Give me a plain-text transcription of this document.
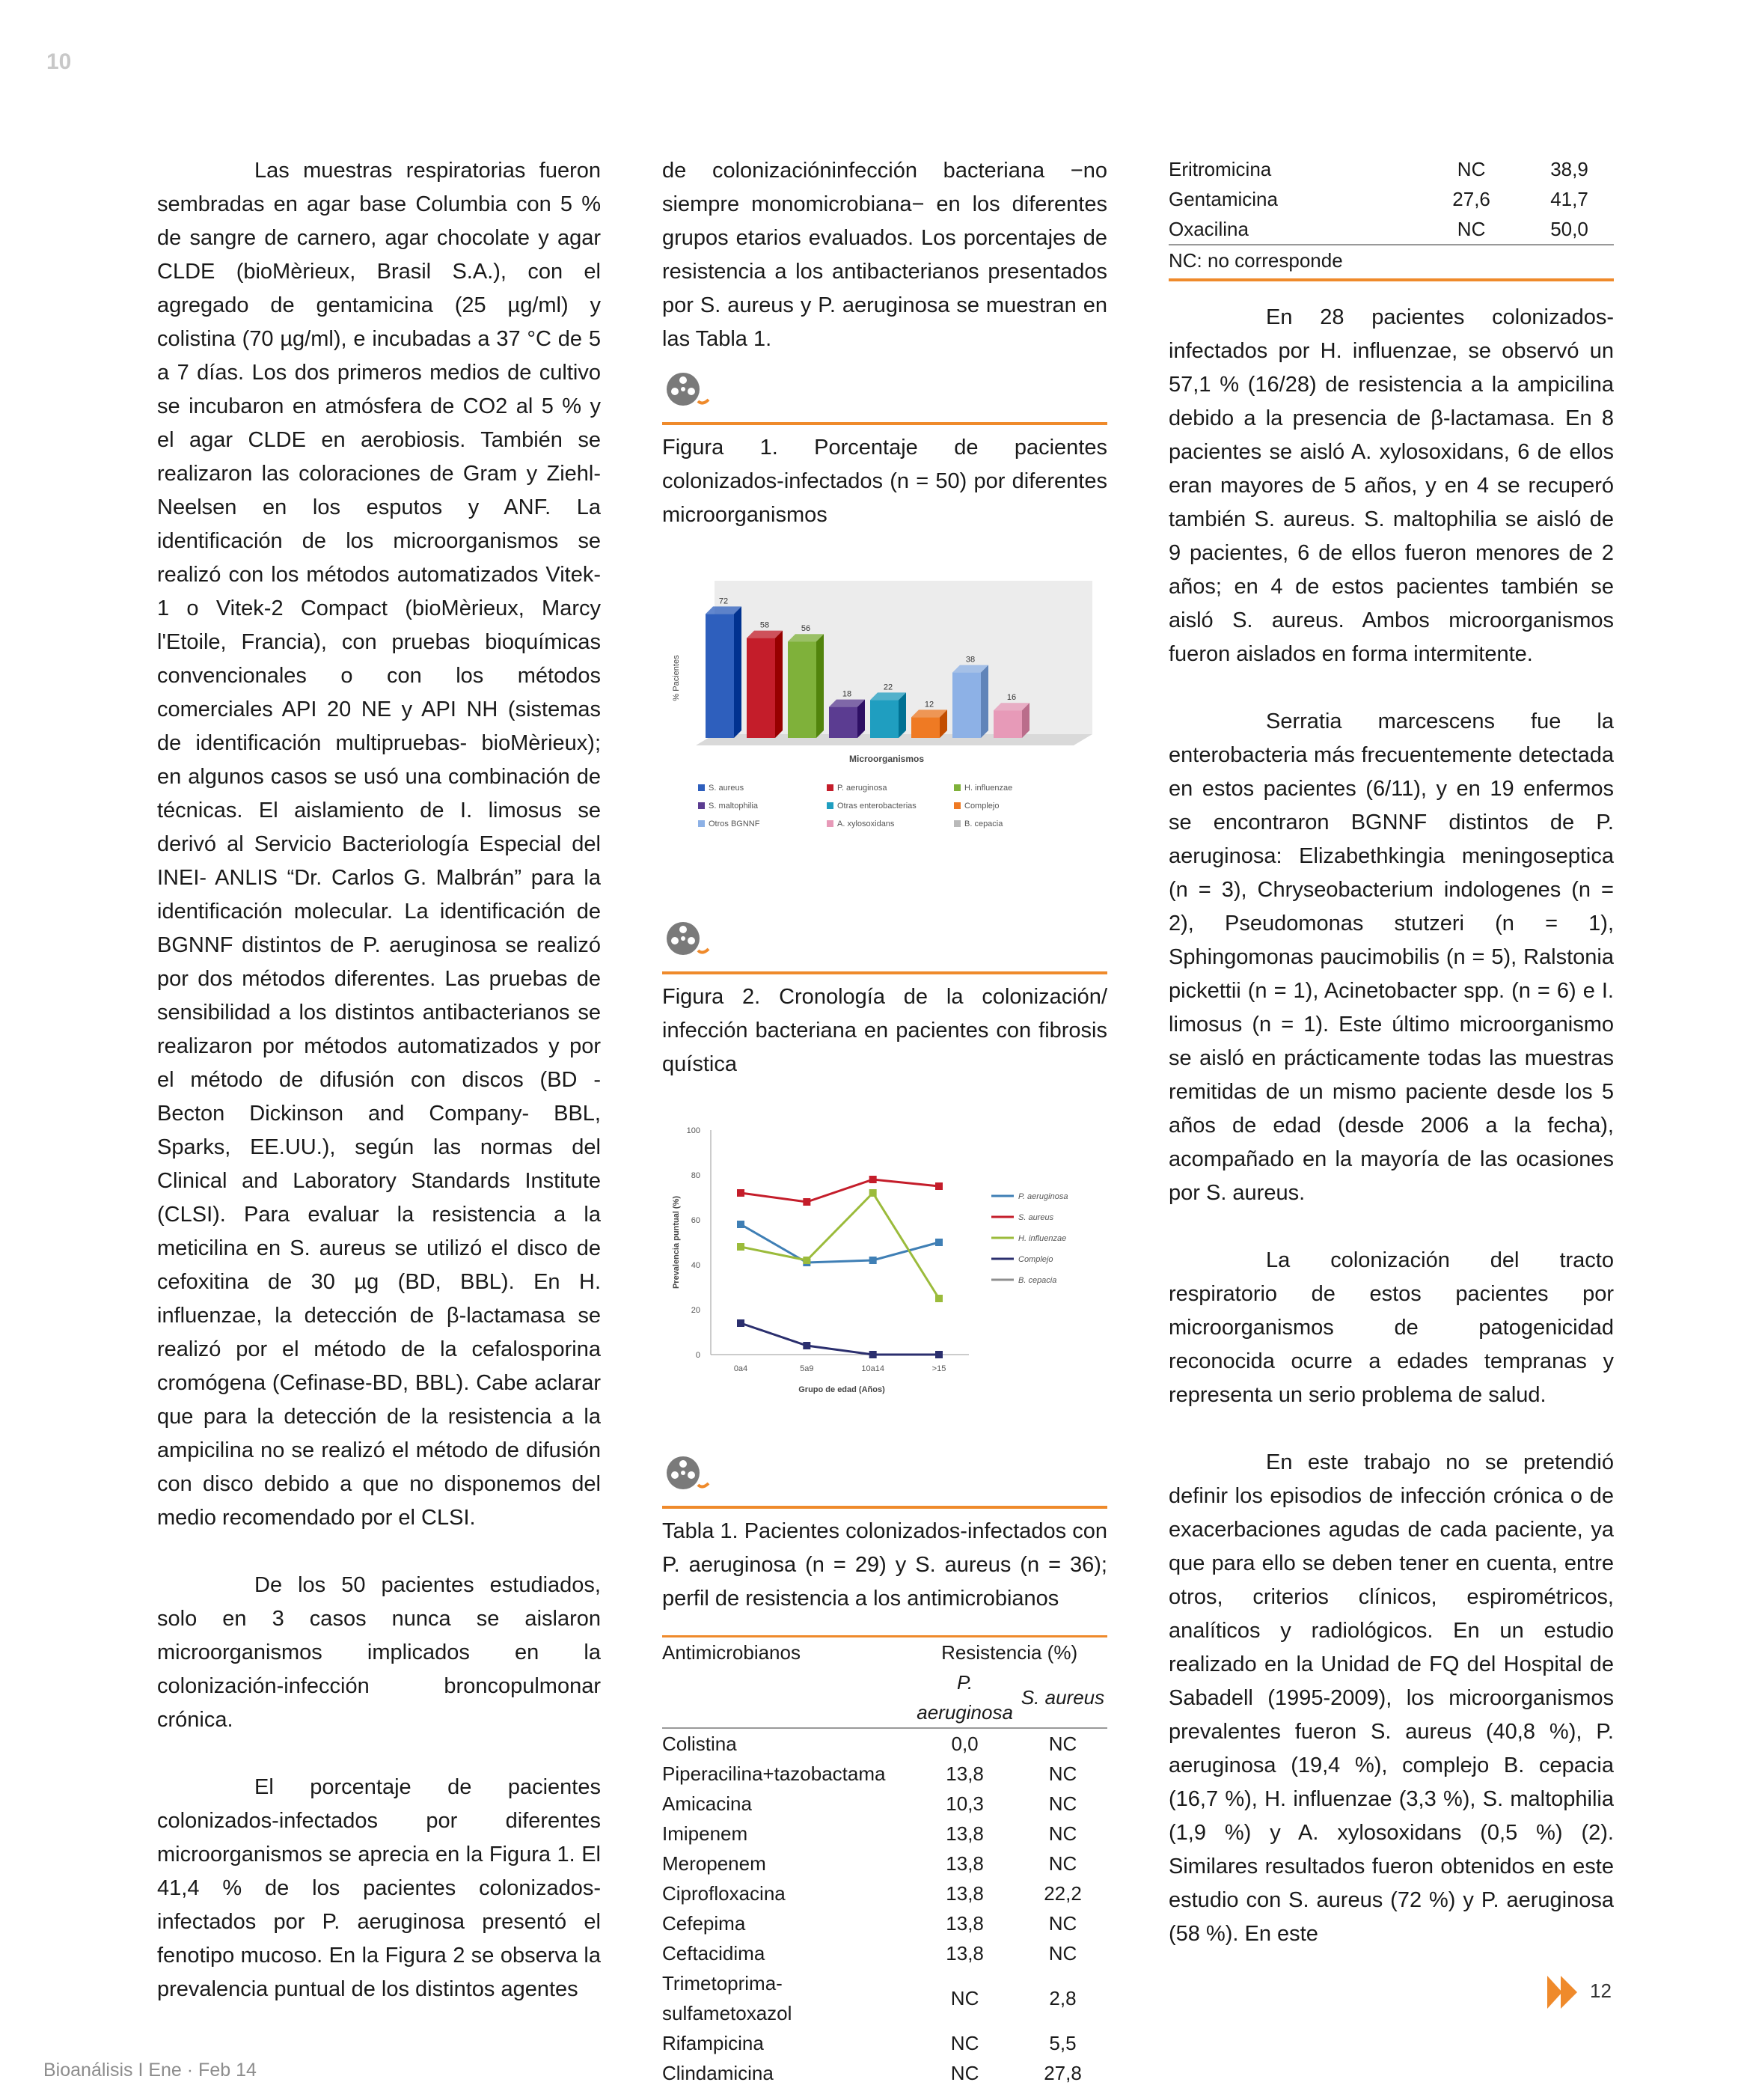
10

Las muestras respiratorias fueron sembradas en agar base Columbia con 5 % de sangre de carnero, agar chocolate y agar CLDE (bioMèrieux, Brasil S.A.), con el agregado de gentamicina (25 µg/ml) y colistina (70 µg/ml), e incubadas a 37 °C de 5 a 7 días. Los dos primeros medios de cultivo se incubaron en atmósfera de CO2 al 5 % y el agar CLDE en aerobiosis. También se realizaron las coloraciones de Gram y Ziehl-Neelsen en los esputos y ANF. La identificación de los microorganismos se realizó con los métodos automatizados Vitek-1 o Vitek-2 Compact (bioMèrieux, Marcy l'Etoile, Francia), con pruebas bioquímicas convencionales o con los métodos comerciales API 20 NE y API NH (sistemas de identificación multipruebas- bioMèrieux); en algunos casos se usó una combinación de técnicas. El aislamiento de I. limosus se derivó al Servicio Bacteriología Especial del INEI- ANLIS “Dr. Carlos G. Malbrán” para la identificación molecular. La identificación de BGNNF distintos de P. aeruginosa se realizó por dos métodos diferentes. Las pruebas de sensibilidad a los distintos antibacterianos se realizaron por métodos automatizados y por el método de difusión con discos (BD - Becton Dickinson and Company- BBL, Sparks, EE.UU.), según las normas del Clinical and Laboratory Standards Institute (CLSI). Para evaluar la resistencia a la meticilina en S. aureus se utilizó el disco de cefoxitina de 30 µg (BD, BBL). En H. influenzae, la detección de β-lactamasa se realizó por el método de la cefalosporina cromógena (Cefinase-BD, BBL). Cabe aclarar que para la detección de la resistencia a la ampicilina no se realizó el método de difusión con disco debido a que no disponemos del medio recomendado por el CLSI.

De los 50 pacientes estudiados, solo en 3 casos nunca se aislaron microorganismos implicados en la colonización-infección broncopulmonar crónica.

El porcentaje de pacientes colonizados-infectados por diferentes microorganismos se aprecia en la Figura 1. El 41,4 % de los pacientes colonizados-infectados por P. aeruginosa presentó el fenotipo mucoso. En la Figura 2 se observa la prevalencia puntual de los distintos agentes

de colonizacióninfección bacteriana −no siempre monomicrobiana− en los diferentes grupos etarios evaluados. Los porcentajes de resistencia a los antibacterianos presentados por S. aureus y P. aeruginosa se muestran en las Tabla 1.

Figura 1. Porcentaje de pacientes colonizados-infectados (n = 50) por diferentes microorganismos

% Pacientes
Microorganismos
72
58	56
18
22
12
38
16
S. aureus	P. aeruginosa	H. influenzae
S. maltophilia	Otras enterobacterias	Complejo
Otros BGNNF	A. xylosoxidans	B. cepacia

Figura 2. Cronología de la colonización/ infección bacteriana en pacientes con fibrosis quística

0
20
40
60
80
100
0a4	5a9	10a14	>15
Grupo de edad (Años)
Prevalencia puntual (%)	P. aeruginosa
S. aureus
H. influenzae
Complejo
B. cepacia

Tabla 1. Pacientes colonizados-infectados con P. aeruginosa (n = 29) y S. aureus (n = 36); perfil de resistencia a los antimicrobianos

Antimicrobianos	Resistencia (%)	
	P. aeruginosa	S. aureus
Colistina	0,0	NC
Piperacilina+tazobactama	13,8	NC
Amicacina	10,3	NC
Imipenem	13,8	NC
Meropenem	13,8	NC
Ciprofloxacina	13,8	22,2
Cefepima	13,8	NC
Ceftacidima	13,8	NC
Trimetoprima-sulfametoxazol	NC	2,8
Rifampicina	NC	5,5
Clindamicina	NC	27,8
Eritromicina	NC	38,9
Gentamicina	27,6	41,7
Oxacilina	NC	50,0
NC: no corresponde		

En 28 pacientes colonizados-infectados por H. influenzae, se observó un 57,1 % (16/28) de resistencia a la ampicilina debido a la presencia de β-lactamasa. En 8 pacientes se aisló A. xylosoxidans, 6 de ellos eran mayores de 5 años, y en 4 se recuperó también S. aureus. S. maltophilia se aisló de 9 pacientes, 6 de ellos fueron menores de 2 años; en 4 de estos pacientes también se aisló S. aureus. Ambos microorganismos fueron aislados en forma intermitente.

Serratia marcescens fue la enterobacteria más frecuentemente detectada en estos pacientes (6/11), y en 19 enfermos se encontraron BGNNF distintos de P. aeruginosa: Elizabethkingia meningoseptica (n = 3), Chryseobacterium indologenes (n = 2), Pseudomonas stutzeri (n = 1), Sphingomonas paucimobilis (n = 5), Ralstonia pickettii (n = 1), Acinetobacter spp. (n = 6) e I. limosus (n = 1). Este último microorganismo se aisló en prácticamente todas las muestras remitidas de un mismo paciente desde los 5 años de edad (desde 2006 a la fecha), acompañado en la mayoría de las ocasiones por S. aureus.

La colonización del tracto respiratorio de estos pacientes por microorganismos de patogenicidad reconocida ocurre a edades tempranas y representa un serio problema de salud.

En este trabajo no se pretendió definir los episodios de infección crónica o de exacerbaciones agudas de cada paciente, ya que para ello se deben tener en cuenta, entre otros, criterios clínicos, espirométricos, analíticos y radiológicos. En un estudio realizado en la Unidad de FQ del Hospital de Sabadell (1995-2009), los microorganismos prevalentes fueron S. aureus (40,8 %), P. aeruginosa (19,4 %), complejo B. cepacia (16,7 %), H. influenzae (3,3 %), S. maltophilia (1,9 %) y A. xylosoxidans (0,5 %) (2). Similares resultados fueron obtenidos en este estudio con S. aureus (72 %) y P. aeruginosa (58 %). En este

12
Bioanálisis I Ene · Feb 14
